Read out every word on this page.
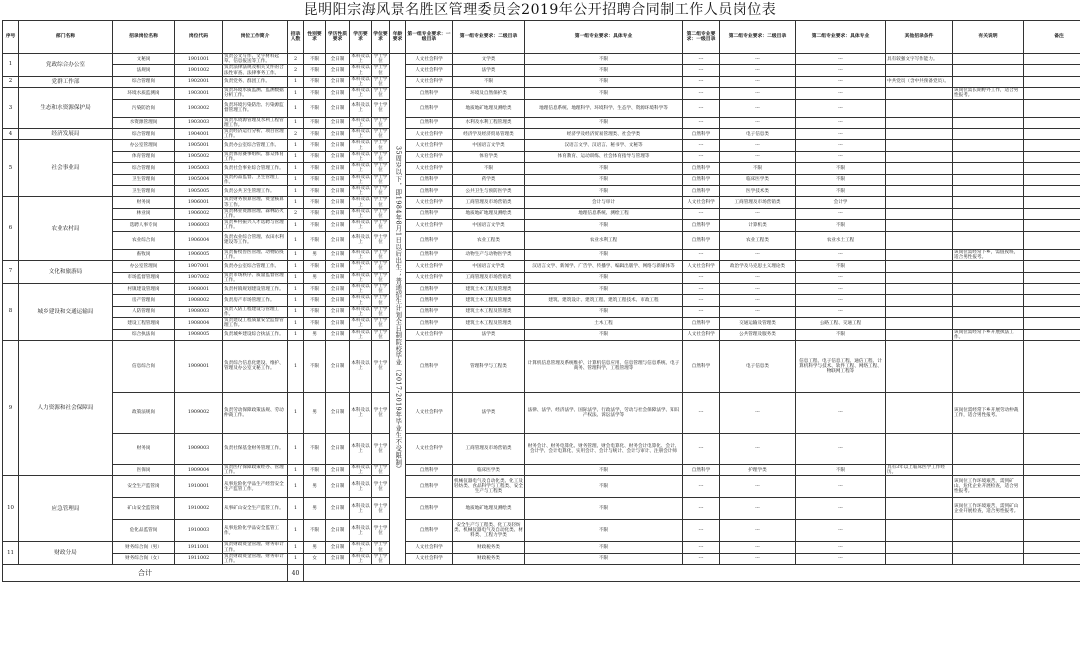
昆明阳宗海风景名胜区管理委员会2019年公开招聘合同制工作人员岗位表
序号	部门名称	招录岗位名称	岗位代码	岗位工作简介	招录人数	性别要求	学历性质要求	学历要求	学位要求	年龄要求	第一组专业要求：一级目录	第一组专业要求：二级目录	第一组专业要求：具体专业	第二组专业要求：一级目录	第二组专业要求：二级目录	第二组专业要求：具体专业	其他招录条件	有关说明	备注
1	党政综合办公室	文秘岗	1901001	负责公文写作、文字材料起草、信息报送等工作。	2	不限	全日制	本科及以上	学士学位	35周岁以下，即1984年8月1日以后出生；普通招生计划全日制院校毕业（2017-2019年毕业生不受限制）	人文社会科学	文学类	不限	---	---	---	具有较强文字写作能力。		
		法规岗	1901002	负责法律法规及相关文件的合法性审查、法律事务工作。	2	不限	全日制	本科及以上	学士学位		人文社会科学	法学类	不限	---	---	---			
2	党群工作部	综合管理岗	1902001	负责党务、群团工作。	1	不限	全日制	本科及以上	学士学位		人文社会科学	不限	不限	---	---	---	中共党员（含中共预备党员）。		
3	生态和水资源保护局	环境水质监测岗	1903001	负责环境水质监测、监测数据分析工作。	1	不限	全日制	本科及以上	学士学位		自然科学	环境及自然保护类	不限	---	---	---		该岗位需长期野外工作，适合男性报考。	
		污染防治岗	1903002	负责环境污染防治、污染源监督管理工作。	1	不限	全日制	本科及以上	学士学位		自然科学	地质地矿地理及测绘类	地理信息系统、地理科学、环境科学、生态学、资源环境科学等	---	---	---			
		水资源管理岗	1903003	负责水资源管理及水利工程管理工作。	1	不限	全日制	本科及以上	学士学位		自然科学	水利及水利工程管理类	不限	---	---	---			
4	经济发展局	综合管理岗	1904001	负责经济运行分析、项目管理工作。	2	不限	全日制	本科及以上	学士学位		人文社会科学	经济学及经济贸易管理类	经济学及经济贸易管理类、社会学类	自然科学	电子信息类	---			
5	社会事业局	办公室管理岗	1905001	负责办公室综合管理工作。	1	不限	全日制	本科及以上	学士学位		人文社会科学	中国语言文学类	汉语言文学、汉语言、秘书学、文秘等	---	---	---			
		体育管理岗	1905002	负责体育赛事组织、群众体育工作。	1	不限	全日制	本科及以上	学士学位		人文社会科学	体育学类	体育教育、运动训练、社会体育指导与管理等	---	---	---			
		综合管理岗	1905003	负责社会事业综合管理工作。	1	不限	全日制	本科及以上	学士学位		人文社会科学	不限	不限	自然科学	不限	不限			
		卫生管理岗	1905004	负责药品监督、卫生管理工作。	1	不限	全日制	本科及以上	学士学位		自然科学	药学类	不限	自然科学	临床医学类	不限			
		卫生管理岗	1905005	负责公共卫生管理工作。	1	不限	全日制	本科及以上	学士学位		自然科学	公共卫生与预防医学类	不限	自然科学	医学技术类	不限			
6	农业农村局	财务岗	1906001	负责财务预算管理、资金核算等工作。	1	不限	全日制	本科及以上	学士学位		人文社会科学	工商管理及市场营销类	会计与审计	人文社会科学	工商管理及市场营销类	会计学			
		林业岗	1906002	负责林业资源管理、森林防火工作。	2	不限	全日制	本科及以上	学士学位		自然科学	地质地矿地理及测绘类	地理信息系统、测绘工程	---	---	---			
		选聘人事专岗	1906003	负责乡村振兴人才选聘与管理工作。	1	不限	全日制	本科及以上	学士学位		人文社会科学	中国语言文学类	不限	自然科学	计算机类	不限			
		农业综合岗	1906004	负责农业综合管理、农田水利建设等工作。	1	不限	全日制	本科及以上	学士学位		自然科学	农业工程类	农业水利工程	自然科学	农业工程类	农业水土工程			
		畜牧岗	1906005	负责畜牧兽医管理、动物防疫工作。	1	男	全日制	本科及以上	学士学位		自然科学	动物生产与动物医学类	不限	---	---	---		该岗位需经常下乡，需值夜班，适合男性报考。	
7	文化和旅游局	办公室管理岗	1907001	负责办公室综合管理工作。	1	不限	全日制	本科及以上	学士学位		人文社会科学	中国语言文学类	汉语言文学、新闻学、广告学、传播学、编辑出版学、网络与新媒体等	人文社会科学	政治学及马克思主义理论类	不限			
		市场监督管理岗	1907002	负责市场秩序、质量监督管理工作。	1	男	全日制	本科及以上	学士学位		人文社会科学	工商管理及市场营销类	不限	---	---	---			
8	城乡建设和交通运输局	村镇建设管理岗	1908001	负责村镇规划建设管理工作。	1	不限	全日制	本科及以上	学士学位		自然科学	建筑土木工程及管理类	不限	---	---	---			
		房产管理岗	1908002	负责房产市场管理工作。	1	不限	全日制	本科及以上	学士学位		自然科学	建筑土木工程及管理类	建筑、建筑设计、建筑工程、建筑工程技术、市政工程	---	---	---			
		人防管理岗	1908003	负责人防工程建设与管理工作。	1	不限	全日制	本科及以上	学士学位		自然科学	建筑土木工程及管理类	不限	---	---	---			
		建设工程管理岗	1908004	负责建设工程质量安全监督管理工作。	1	不限	全日制	本科及以上	学士学位		自然科学	建筑土木工程及管理类	土木工程	自然科学	交通运输及管理类	公路工程、交通工程			
		综合执法岗	1908005	负责城乡建设综合执法工作。	1	男	全日制	本科及以上	学士学位		人文社会科学	法学类	不限	人文社会科学	公共管理及服务类	不限		该岗位需经常下乡开展执法工作。	
9	人力资源和社会保障局	信息综合岗	1909001	负责综合信息化建设、维护、管理及办公室文秘工作。	1	不限	全日制	本科及以上	学士学位		自然科学	管理科学与工程类	计算机信息管理及系统维护、计算机信息应用、信息管理与信息系统、电子商务、管理科学、工程管理等	自然科学	电子信息类	信息工程、电子信息工程、通信工程、计算机科学与技术、软件工程、网络工程、物联网工程等			
		政策法规岗	1909002	负责劳动保障政策法规、劳动仲裁工作。	1	男	全日制	本科及以上	学士学位		人文社会科学	法学类	法律、法学、经济法学、国际法学、行政法学、劳动与社会保障法学、知识产权法、诉讼法学等	---	---	---		该岗位需经常下乡开展劳动仲裁工作，适合男性报考。	
		财务岗	1909003	负责社保基金财务管理工作。	1	不限	全日制	本科及以上	学士学位		人文社会科学	工商管理及市场营销类	财务会计、财务电算化、财务管理、财会电算化、财务会计电算化、会计、会计学、会计电算化、实用会计、会计与统计、会计与审计、注册会计师	---	---	---			
		医保岗	1909004	负责医疗保障政策经办、管理工作。	1	不限	全日制	本科及以上	学士学位		自然科学	临床医学类	不限	自然科学	护理学类	不限	具有3年以上临床医学工作经历。		
10	应急管理局	安全生产监管岗	1910001	从事危险化学品生产经营安全生产监管工作。	1	男	全日制	本科及以上	学士学位		自然科学	机械仪器电气及自动化类、化工及轻纺类、食品科学与工程类、安全生产与工程类	不限	---	---	---		该岗位工作环境艰苦，需到矿山、危化企业开展检查，适合男性报考。	
		矿山安全监管岗	1910002	从事矿山安全生产监管工作。	1	男	全日制	本科及以上	学士学位		自然科学	地质地矿地理及测绘类	不限	---	---	---		该岗位工作环境艰苦，需到矿山企业开展检查，适合男性报考。	
		危化品监管岗	1910003	从事危险化学品安全监管工作。	1	不限	全日制	本科及以上	学士学位		自然科学	安全生产与工程类、化工及轻纺类、机械仪器电气及自动化类、材料类、工程力学类	不限	---	---	---			
11	财政分局	财务综合岗（男）	1911001	负责财政资金管理、财务审计工作。	1	男	全日制	本科及以上	学士学位		人文社会科学	财政税务类	不限	---	---	---			
		财务综合岗（女）	1911002	负责财政资金管理、财务审计工作。	1	女	全日制	本科及以上	学士学位		人文社会科学	财政税务类	不限	---	---	---			
合计					40														
